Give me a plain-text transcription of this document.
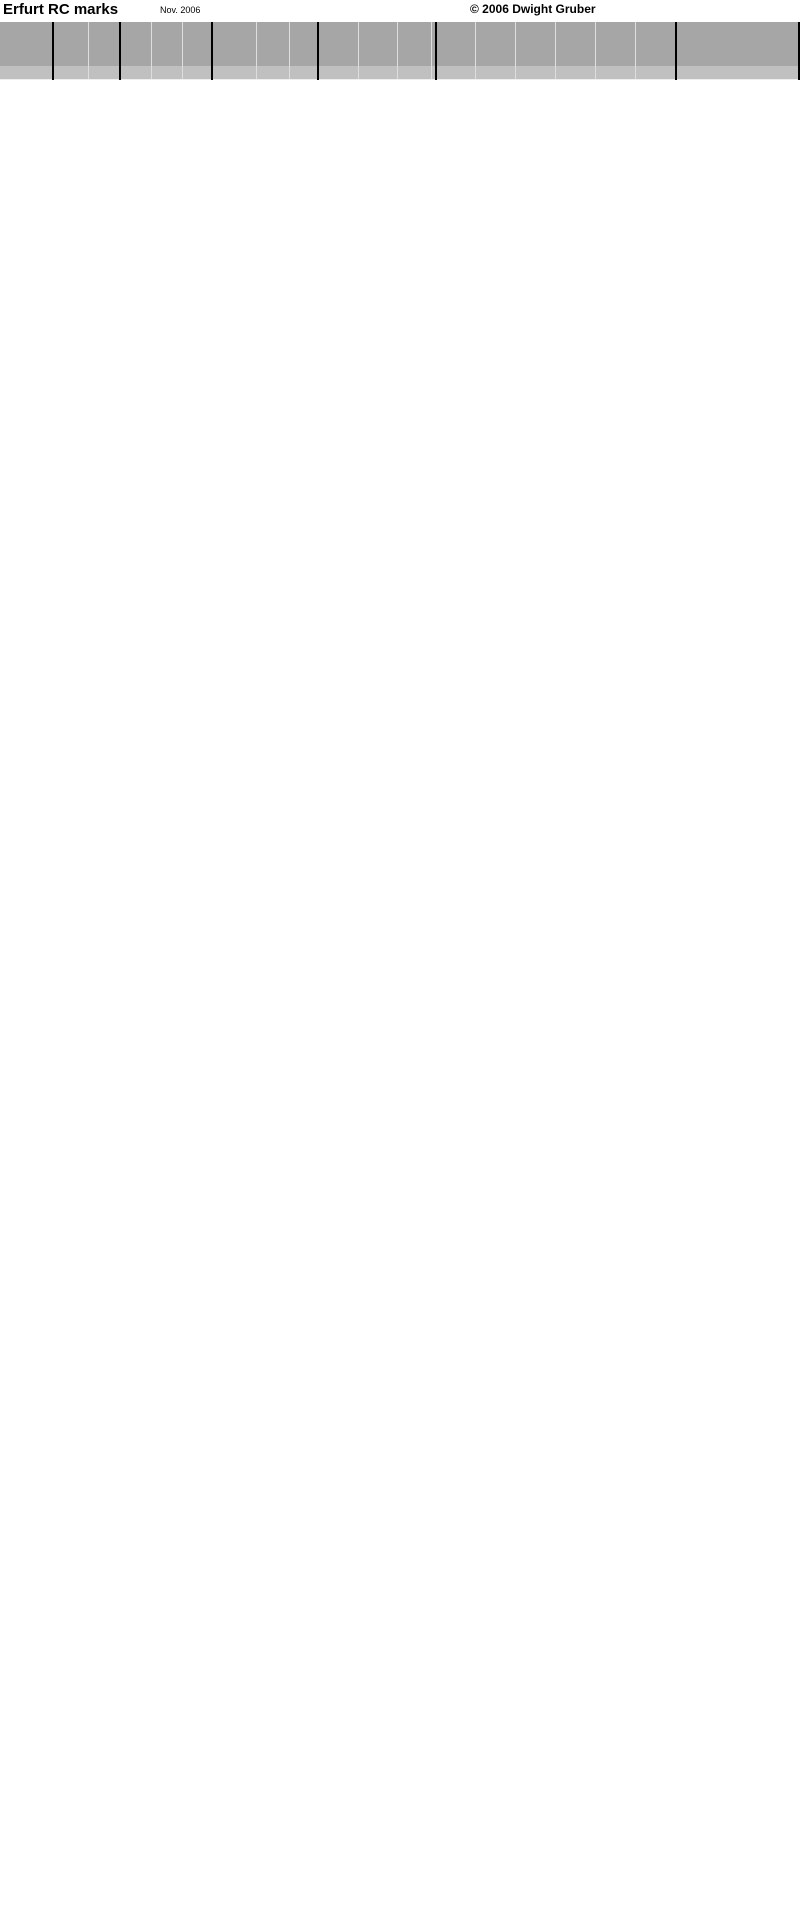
Erfurt RC marks	Nov. 2006	© 2006 Dwight Gruber
